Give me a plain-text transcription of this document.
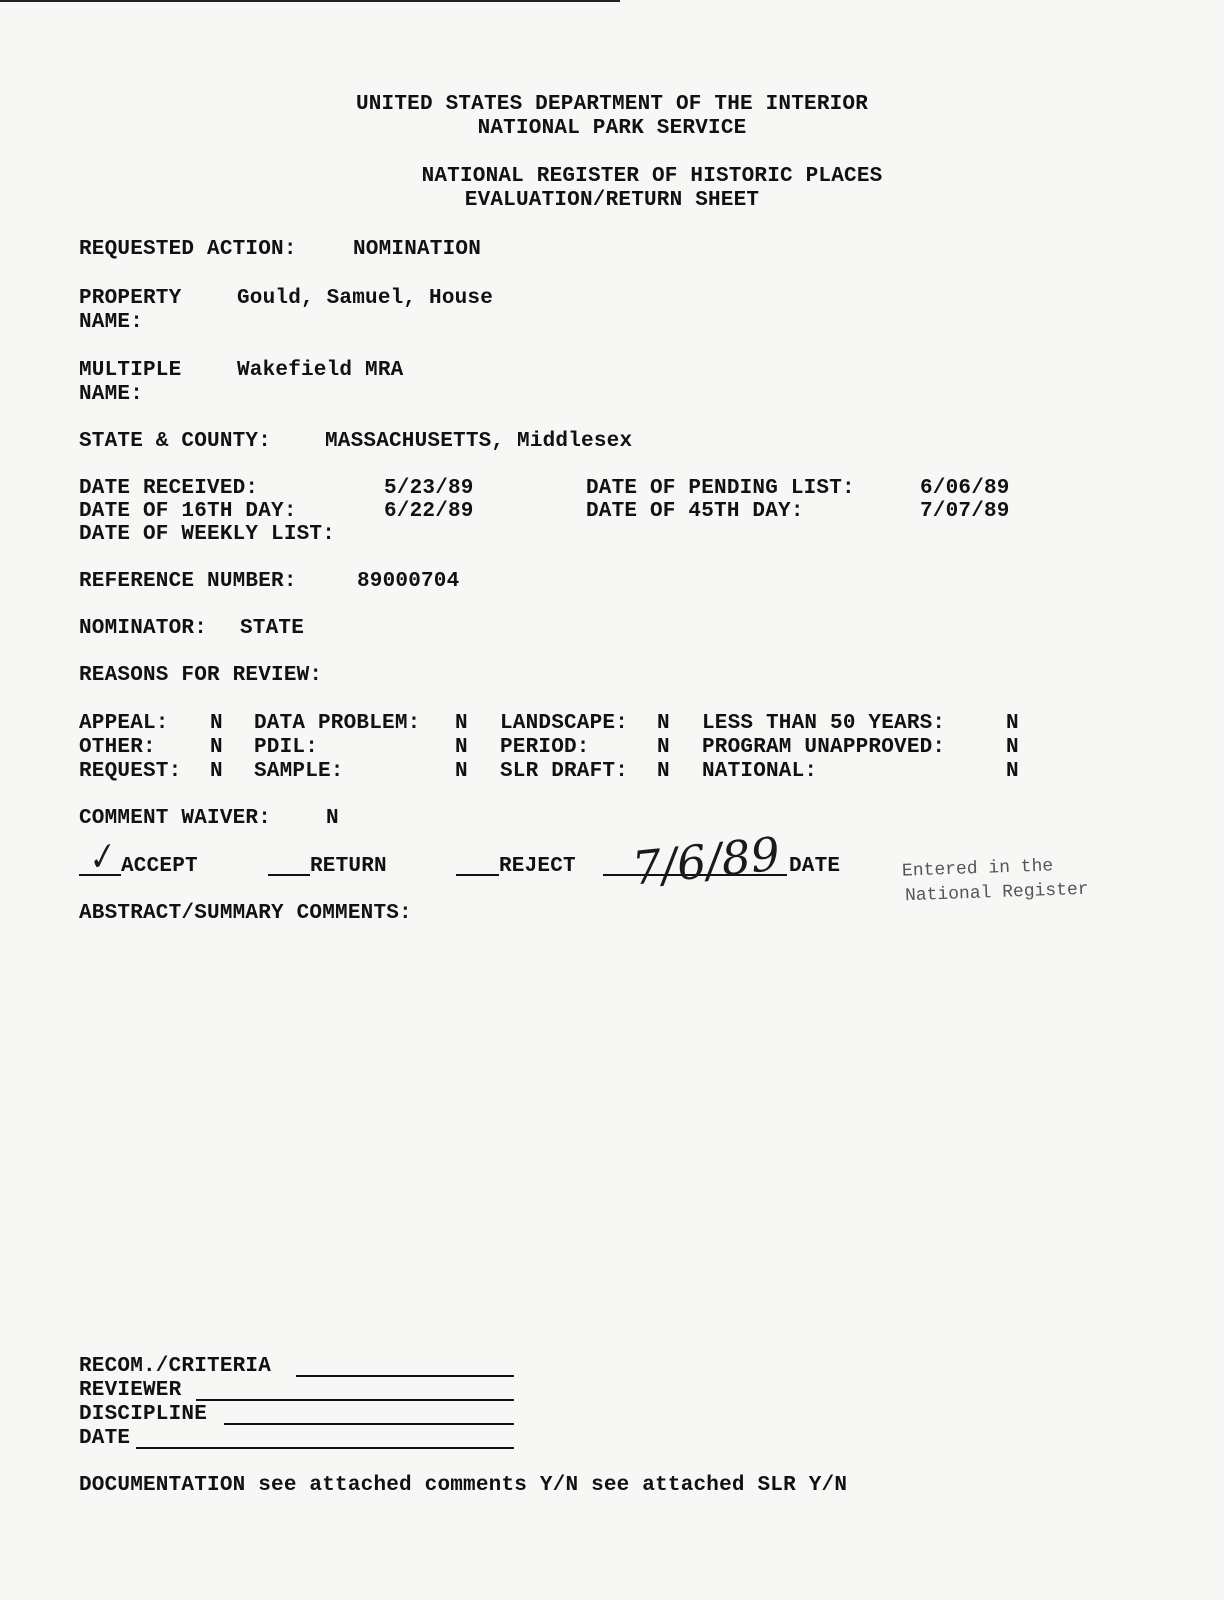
UNITED STATES DEPARTMENT OF THE INTERIOR
NATIONAL PARK SERVICE
NATIONAL REGISTER OF HISTORIC PLACES
EVALUATION/RETURN SHEET
REQUESTED ACTION:	NOMINATION
PROPERTY
NAME:
Gould, Samuel, House
MULTIPLE
NAME:
Wakefield MRA
STATE & COUNTY:	MASSACHUSETTS, Middlesex
DATE RECEIVED:	5/23/89	DATE OF PENDING LIST:	6/06/89
DATE OF 16TH DAY:	6/22/89	DATE OF 45TH DAY:	7/07/89
DATE OF WEEKLY LIST:
REFERENCE NUMBER:	89000704
NOMINATOR: STATE
REASONS FOR REVIEW:
APPEAL: N DATA PROBLEM: N LANDSCAPE: N LESS THAN 50 YEARS:	N
OTHER:	N PDIL:	N PERIOD:	N PROGRAM UNAPPROVED:	N
REQUEST: N SAMPLE:	N SLR DRAFT: N NATIONAL:	N
COMMENT WAIVER:	N
✓ ACCEPT	RETURN	REJECT 7/6/89 DATE	Entered in the
National Register
ABSTRACT/SUMMARY COMMENTS:
RECOM./CRITERIA
REVIEWER
DISCIPLINE
DATE
DOCUMENTATION see attached comments Y/N see attached SLR Y/N
